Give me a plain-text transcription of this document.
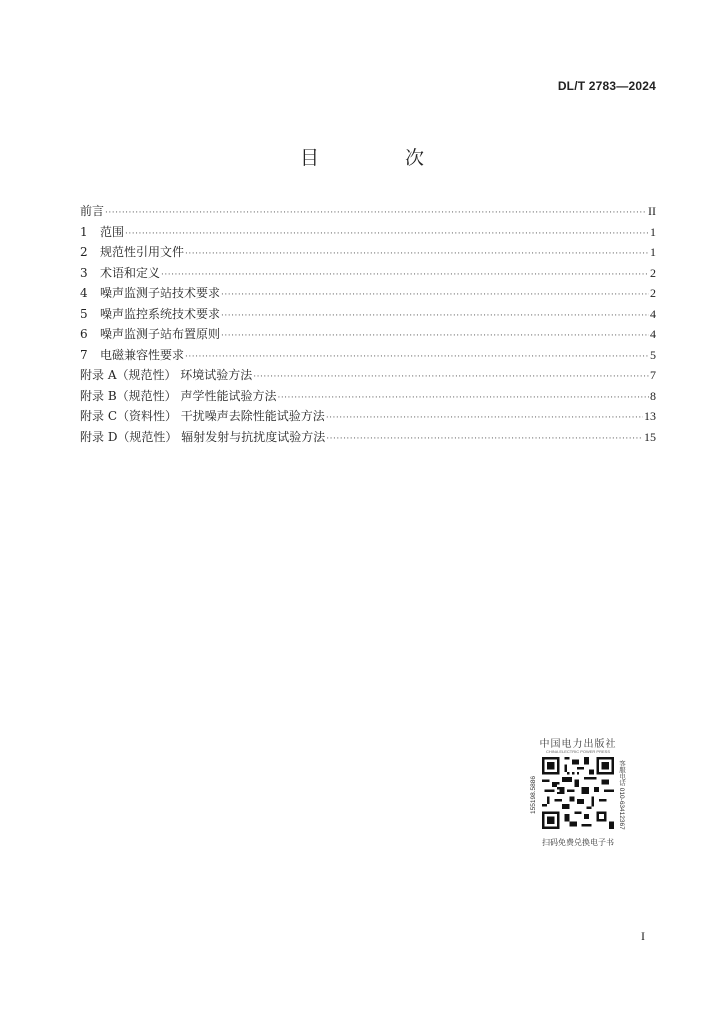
DL/T 2783—2024
目 次
前言 ·····	II
1	范围 ·····	1
2	规范性引用文件 ·····	1
3	术语和定义 ·····	2
4	噪声监测子站技术要求 ·····	2
5	噪声监控系统技术要求 ·····	4
6	噪声监测子站布置原则 ·····	4
7	电磁兼容性要求 ·····	5
附录 A（规范性） 环境试验方法 ·····	7
附录 B（规范性） 声学性能试验方法 ·····	8
附录 C（资料性） 干扰噪声去除性能试验方法 ·····	13
附录 D（规范性） 辐射发射与抗扰度试验方法 ·····	15
中国电力出版社
CHINA ELECTRIC POWER PRESS
155198.5886	客服电话 010-63412367
扫码免费兑换电子书
I
